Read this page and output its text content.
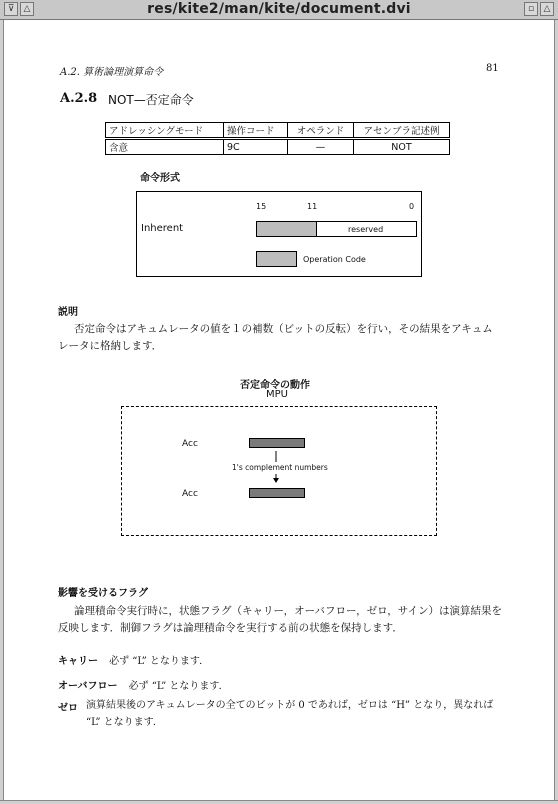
⊽	△	res/kite2/man/kite/document.dvi	▫	△
A.2. 算術論理演算命令	81
A.2.8 NOT—否定命令
アドレッシングモード	操作コード	オペランド	アセンブラ記述例

含意	9C	—	NOT
命令形式
15	11	0
Inherent	reserved
Operation Code
説明
否定命令はアキュムレータの値を１の補数（ビットの反転）を行い，その結果をアキュムレータに格納します．
否定命令の動作
MPU
Acc
1's complement numbers
Acc
影響を受けるフラグ
論理積命令実行時に，状態フラグ（キャリー，オーバフロー，ゼロ，サイン）は演算結果を反映します．制御フラグは論理積命令を実行する前の状態を保持します．
キャリー 必ず “L” となります．
オーバフロー 必ず “L” となります．
ゼロ 演算結果後のアキュムレータの全てのビットが 0 であれば，ゼロは “H” となり，異なれば “L” となります．
